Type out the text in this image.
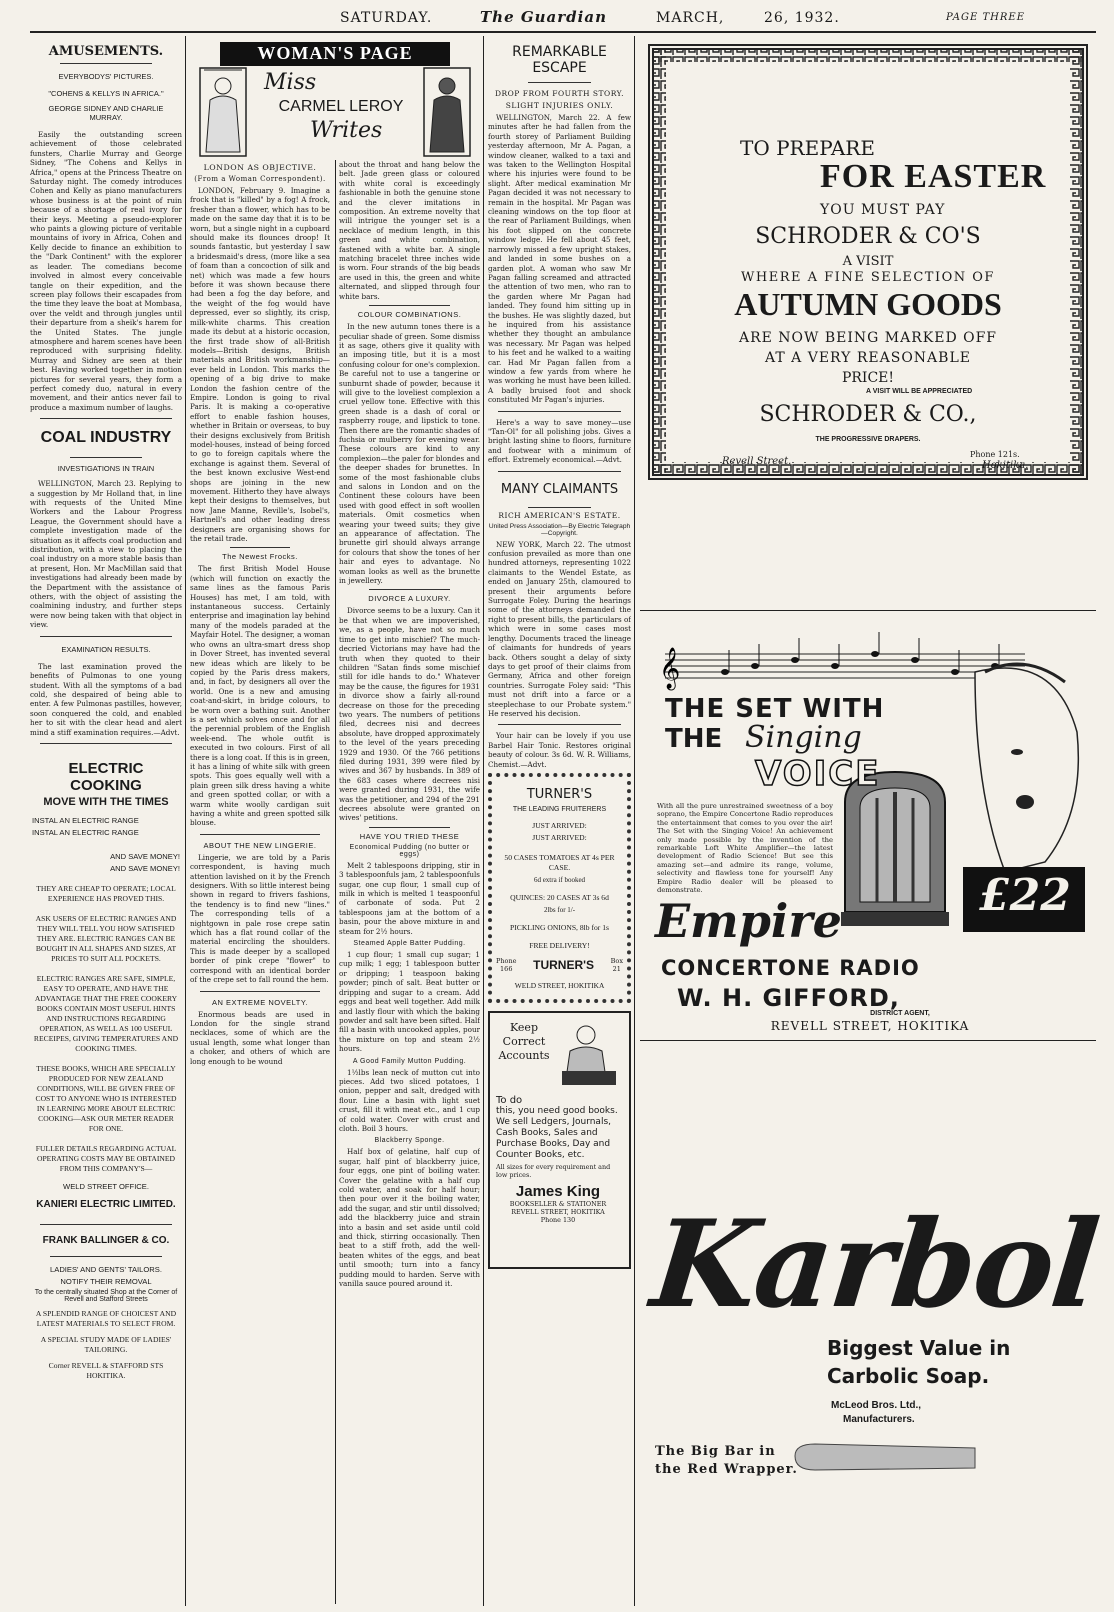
SATURDAY.	The Guardian	MARCH,	26, 1932.	PAGE THREE
AMUSEMENTS.
EVERYBODYS' PICTURES.
"COHENS & KELLYS IN AFRICA."
GEORGE SIDNEY AND CHARLIE MURRAY.

Easily the outstanding screen achievement of those celebrated funsters, Charlie Murray and George Sidney, "The Cohens and Kellys in Africa," opens at the Princess Theatre on Saturday night. The comedy introduces Cohen and Kelly as piano manufacturers whose business is at the point of ruin because of a shortage of real ivory for their keys. Meeting a pseudo-explorer who paints a glowing picture of veritable mountains of ivory in Africa, Cohen and Kelly decide to finance an exhibition to the "Dark Continent" with the explorer as leader. The comedians become involved in almost every conceivable tangle on their expedition, and the screen play follows their escapades from the time they leave the boat at Mombasa, over the veldt and through jungles until their departure from a sheik's harem for the United States. The jungle atmosphere and harem scenes have been reproduced with surprising fidelity. Murray and Sidney are seen at their best. Having worked together in motion pictures for several years, they form a perfect comedy duo, natural in every movement, and their antics never fail to produce a maximum number of laughs.

COAL INDUSTRY
INVESTIGATIONS IN TRAIN

WELLINGTON, March 23. Replying to a suggestion by Mr Holland that, in line with requests of the United Mine Workers and the Labour Progress League, the Government should have a complete investigation made of the situation as it affects coal production and distribution, with a view to placing the coal industry on a more stable basis than at present, Hon. Mr MacMillan said that investigations had already been made by the Department with the assistance of others, with the object of assisting the coalmining industry, and further steps were now being taken with that object in view.

EXAMINATION RESULTS.

The last examination proved the benefits of Pulmonas to one young student. With all the symptoms of a bad cold, she despaired of being able to enter. A few Pulmonas pastilles, however, soon conquered the cold, and enabled her to sit with the clear head and alert mind a stiff examination requires.—Advt.

ELECTRIC COOKING
MOVE WITH THE TIMES
INSTAL AN ELECTRIC RANGE
INSTAL AN ELECTRIC RANGE
AND SAVE MONEY!
AND SAVE MONEY!
THEY ARE CHEAP TO OPERATE; LOCAL EXPERIENCE HAS PROVED THIS.
ASK USERS OF ELECTRIC RANGES AND THEY WILL TELL YOU HOW SATISFIED THEY ARE. ELECTRIC RANGES CAN BE BOUGHT IN ALL SHAPES AND SIZES, AT PRICES TO SUIT ALL POCKETS.
ELECTRIC RANGES ARE SAFE, SIMPLE, EASY TO OPERATE, AND HAVE THE ADVANTAGE THAT THE FREE COOKERY BOOKS CONTAIN MOST USEFUL HINTS AND INSTRUCTIONS REGARDING OPERATION, AS WELL AS 100 USEFUL RECEIPES, GIVING TEMPERATURES AND COOKING TIMES.
THESE BOOKS, WHICH ARE SPECIALLY PRODUCED FOR NEW ZEALAND CONDITIONS, WILL BE GIVEN FREE OF COST TO ANYONE WHO IS INTERESTED IN LEARNING MORE ABOUT ELECTRIC COOKING—ASK OUR METER READER FOR ONE.
FULLER DETAILS REGARDING ACTUAL OPERATING COSTS MAY BE OBTAINED FROM THIS COMPANY'S—
WELD STREET OFFICE.
KANIERI ELECTRIC LIMITED.
FRANK BALLINGER & CO.
LADIES' AND GENTS' TAILORS.
NOTIFY THEIR REMOVAL
To the centrally situated Shop at the Corner of Revell and Stafford Streets
A SPLENDID RANGE OF CHOICEST AND LATEST MATERIALS TO SELECT FROM.
A SPECIAL STUDY MADE OF LADIES' TAILORING.
Corner REVELL & STAFFORD STS HOKITIKA.
WOMAN'S PAGE
Miss
CARMEL LEROY
Writes
LONDON AS OBJECTIVE.
(From a Woman Correspondent).

LONDON, February 9. Imagine a frock that is "killed" by a fog! A frock, fresher than a flower, which has to be made on the same day that it is to be worn, but a single night in a cupboard should make its flounces droop! It sounds fantastic, but yesterday I saw a bridesmaid's dress, (more like a sea of foam than a concoction of silk and net) which was made a few hours before it was shown because there had been a fog the day before, and the weight of the fog would have depressed, ever so slightly, its crisp, milk-white charms. This creation made its debut at a historic occasion, the first trade show of all-British models—British designs, British materials and British workmanship—ever held in London. This marks the opening of a big drive to make London the fashion centre of the Empire. London is going to rival Paris. It is making a co-operative effort to enable fashion houses, whether in Britain or overseas, to buy their designs exclusively from British model-houses, instead of being forced to go to foreign capitals where the exchange is against them. Several of the best known exclusive West-end shops are joining in the new movement. Hitherto they have always kept their designs to themselves, but now Jane Manne, Reville's, Isobel's, Hartnell's and other leading dress designers are organising shows for the retail trade.

The Newest Frocks.

The first British Model House (which will function on exactly the same lines as the famous Paris Houses) has met, I am told, with instantaneous success. Certainly enterprise and imagination lay behind many of the models paraded at the Mayfair Hotel. The designer, a woman who owns an ultra-smart dress shop in Dover Street, has invented several new ideas which are likely to be copied by the Paris dress makers, and, in fact, by designers all over the world. One is a new and amusing coat-and-skirt, in bridge colours, to be worn over a bathing suit. Another is a set which solves once and for all the perennial problem of the English week-end. The whole outfit is executed in two colours. First of all there is a long coat. If this is in green, it has a lining of white silk with green spots. This goes equally well with a plain green silk dress having a white and green spotted collar, or with a warm white woolly cardigan suit having a white and green spotted silk blouse.

ABOUT THE NEW LINGERIE.

Lingerie, we are told by a Paris correspondent, is having much attention lavished on it by the French designers. With so little interest being shown in regard to frivers fashions, the tendency is to find new "lines." The corresponding tells of a nightgown in pale rose crepe satin which has a flat round collar of the material encircling the shoulders. This is made deeper by a scalloped border of pink crepe "flower" to correspond with an identical border of the crepe set to fall round the hem.

AN EXTREME NOVELTY.

Enormous beads are used in London for the single strand necklaces, some of which are the usual length, some what longer than a choker, and others of which are long enough to be wound

about the throat and hang below the belt. Jade green glass or coloured with white coral is exceedingly fashionable in both the genuine stone and the clever imitations in composition. An extreme novelty that will intrigue the younger set is a necklace of medium length, in this green and white combination, fastened with a white bar. A single matching bracelet three inches wide is worn. Four strands of the big beads are used in this, the green and white alternated, and slipped through four white bars.

COLOUR COMBINATIONS.

In the new autumn tones there is a peculiar shade of green. Some dismiss it as sage, others give it quality with an imposing title, but it is a most confusing colour for one's complexion. Be careful not to use a tangerine or sunburnt shade of powder, because it will give to the loveliest complexion a cruel yellow tone. Effective with this green shade is a dash of coral or raspberry rouge, and lipstick to tone. Then there are the romantic shades of fuchsia or mulberry for evening wear. These colours are kind to any complexion—the paler for blondes and the deeper shades for brunettes. In some of the most fashionable clubs and salons in London and on the Continent these colours have been used with good effect in soft woollen materials. Omit cosmetics when wearing your tweed suits; they give an appearance of affectation. The brunette girl should always arrange for colours that show the tones of her hair and eyes to advantage. No woman looks as well as the brunette in jewellery.

DIVORCE A LUXURY.

Divorce seems to be a luxury. Can it be that when we are impoverished, we, as a people, have not so much time to get into mischief? The much-decried Victorians may have had the truth when they quoted to their children "Satan finds some mischief still for idle hands to do." Whatever may be the cause, the figures for 1931 in divorce show a fairly all-round decrease on those for the preceding two years. The numbers of petitions filed, decrees nisi and decrees absolute, have dropped approximately to the level of the years preceding 1929 and 1930. Of the 766 petitions filed during 1931, 399 were filed by wives and 367 by husbands. In 389 of the 683 cases where decrees nisi were granted during 1931, the wife was the petitioner, and 294 of the 291 decrees absolute were granted on wives' petitions.

HAVE YOU TRIED THESE
Economical Pudding (no butter or eggs)

Melt 2 tablespoons dripping, stir in 3 tablespoonfuls jam, 2 tablespoonfuls sugar, one cup flour, 1 small cup of milk in which is melted 1 teaspoonful of carbonate of soda. Put 2 tablespoons jam at the bottom of a basin, pour the above mixture in and steam for 2½ hours.

Steamed Apple Batter Pudding.

1 cup flour; 1 small cup sugar; 1 cup milk; 1 egg; 1 tablespoon butter or dripping; 1 teaspoon baking powder; pinch of salt. Beat butter or dripping and sugar to a cream. Add eggs and beat well together. Add milk and lastly flour with which the baking powder and salt have been sifted. Half fill a basin with uncooked apples, pour the mixture on top and steam 2½ hours.

A Good Family Mutton Pudding.

1½lbs lean neck of mutton cut into pieces. Add two sliced potatoes, 1 onion, pepper and salt, dredged with flour. Line a basin with light suet crust, fill it with meat etc., and 1 cup of cold water. Cover with crust and cloth. Boil 3 hours.

Blackberry Sponge.

Half box of gelatine, half cup of sugar, half pint of blackberry juice, four eggs, one pint of boiling water. Cover the gelatine with a half cup cold water, and soak for half hour; then pour over it the boiling water, add the sugar, and stir until dissolved; add the blackberry juice and strain into a basin and set aside until cold and thick, stirring occasionally. Then beat to a stiff froth, add the well-beaten whites of the eggs, and beat until smooth; turn into a fancy pudding mould to harden. Serve with vanilla sauce poured around it.

REMARKABLE ESCAPE
DROP FROM FOURTH STORY.
SLIGHT INJURIES ONLY.

WELLINGTON, March 22. A few minutes after he had fallen from the fourth storey of Parliament Building yesterday afternoon, Mr A. Pagan, a window cleaner, walked to a taxi and was taken to the Wellington Hospital where his injuries were found to be slight. After medical examination Mr Pagan decided it was not necessary to remain in the hospital. Mr Pagan was cleaning windows on the top floor at the rear of Parliament Buildings, when his foot slipped on the concrete window ledge. He fell about 45 feet, narrowly missed a few upright stakes, and landed in some bushes on a garden plot. A woman who saw Mr Pagan falling screamed and attracted the attention of two men, who ran to the garden where Mr Pagan had landed. They found him sitting up in the bushes. He was slightly dazed, but he inquired from his assistance whether they thought an ambulance was necessary. Mr Pagan was helped to his feet and he walked to a waiting car. Had Mr Pagan fallen from a window a few yards from where he was working he must have been killed. A badly bruised foot and shock constituted Mr Pagan's injuries.

Here's a way to save money—use "Tan-Ol" for all polishing jobs. Gives a bright lasting shine to floors, furniture and footwear with a minimum of effort. Extremely economical.—Advt.

MANY CLAIMANTS
RICH AMERICAN'S ESTATE.
United Press Association—By Electric Telegraph—Copyright.

NEW YORK, March 22. The utmost confusion prevailed as more than one hundred attorneys, representing 1022 claimants to the Wendel Estate, as ended on January 25th, clamoured to present their arguments before Surrogate Foley. During the hearings some of the attorneys demanded the right to present bills, the particulars of which were in some cases most lengthy. Documents traced the lineage of claimants for hundreds of years back. Others sought a delay of sixty days to get proof of their claims from Germany, Africa and other foreign countries. Surrogate Foley said: "This must not drift into a farce or a steeplechase to our Probate system." He reserved his decision.

Your hair can be lovely if you use Barbel Hair Tonic. Restores original beauty of colour. 3s 6d. W. R. Williams, Chemist.—Advt.

TURNER'S
THE LEADING FRUITERERS
JUST ARRIVED:
JUST ARRIVED:
50 CASES TOMATOES AT 4s PER CASE.
6d extra if booked
QUINCES: 20 CASES AT 3s 6d
2lbs for 1/-
PICKLING ONIONS, 8lb for 1s
FREE DELIVERY!
Phone
166	TURNER'S	Box
21
WELD STREET, HOKITIKA
Keep
Correct
Accounts
To do
this, you need good books. We sell Ledgers, Journals, Cash Books, Sales and Purchase Books, Day and Counter Books, etc.
All sizes for every requirement and low prices.
James King
BOOKSELLER & STATIONER
REVELL STREET, HOKITIKA
Phone 130
TO PREPARE
FOR EASTER
YOU MUST PAY
SCHRODER & CO'S
A VISIT
WHERE A FINE SELECTION OF
AUTUMN GOODS
ARE NOW BEING MARKED OFF
AT A VERY REASONABLE
PRICE!
A VISIT WILL BE APPRECIATED
SCHRODER & CO.,
THE PROGRESSIVE DRAPERS.
Revell Street.
Phone 121s.
Hokitika.
𝄞
THE SET WITH
THE Singing
VOICE
With all the pure unrestrained sweetness of a boy soprano, the Empire Concertone Radio reproduces the entertainment that comes to you over the air! The Set with the Singing Voice! An achievement only made possible by the invention of the remarkable Loft White Amplifier—the latest development of Radio Science! But see this amazing set—and admire its range, volume, selectivity and flawless tone for yourself! Any Empire Radio dealer will be pleased to demonstrate.
Empire	£22
CONCERTONE RADIO
W. H. GIFFORD,
DISTRICT AGENT,
REVELL STREET, HOKITIKA
Karbol
Biggest Value in
Carbolic Soap.
McLeod Bros. Ltd.,
Manufacturers.
The Big Bar in
the Red Wrapper.
